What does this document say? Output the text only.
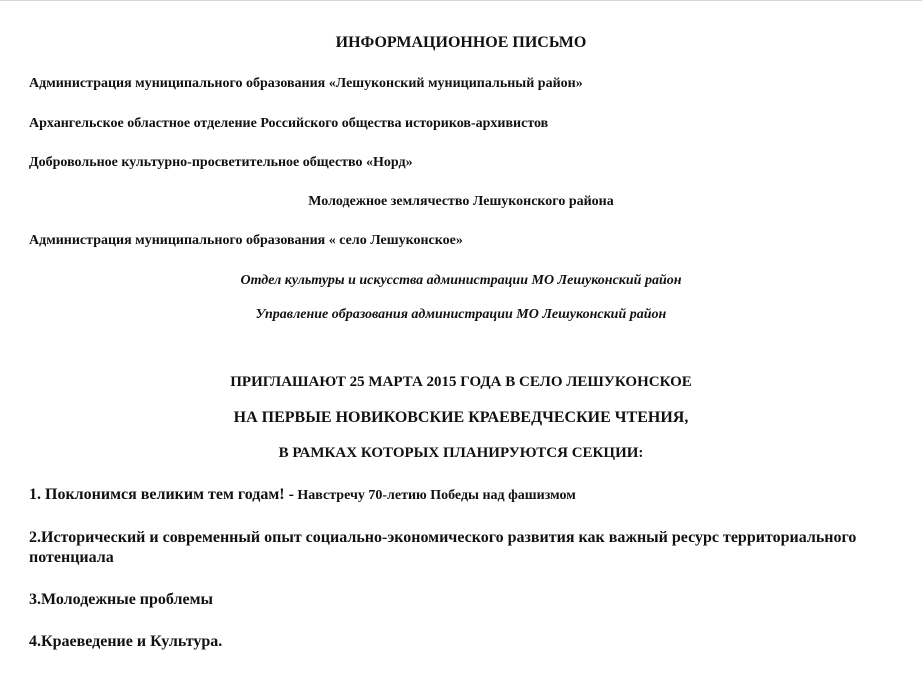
ИНФОРМАЦИОННОЕ ПИСЬМО
Администрация муниципального образования «Лешуконский муниципальный район»
Архангельское областное отделение Российского общества историков-архивистов
Добровольное культурно-просветительное общество «Норд»
Молодежное землячество Лешуконского района
Администрация муниципального образования « село Лешуконское»
Отдел культуры и искусства администрации МО Лешуконский район
Управление образования администрации МО Лешуконский район
ПРИГЛАШАЮТ 25 МАРТА 2015 ГОДА В СЕЛО ЛЕШУКОНСКОЕ
НА ПЕРВЫЕ НОВИКОВСКИЕ КРАЕВЕДЧЕСКИЕ ЧТЕНИЯ,
В РАМКАХ КОТОРЫХ ПЛАНИРУЮТСЯ СЕКЦИИ:
1. Поклонимся великим тем годам! - Навстречу 70-летию Победы над фашизмом
2.Исторический и современный опыт социально-экономического развития как важный ресурс территориального потенциала
3.Молодежные проблемы
4.Краеведение и Культура.
